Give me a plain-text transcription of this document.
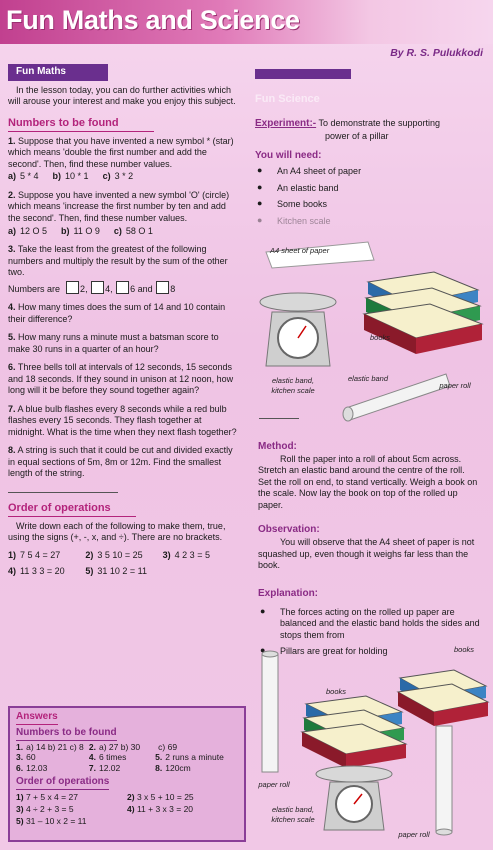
Fun Maths and Science
By R. S. Pulukkodi
Fun Maths

In the lesson today, you can do further activities which will arouse your interest and make you enjoy this subject.

Numbers to be found
1. Suppose that you have invented a new symbol * (star) which means 'double the first number and add the second'. Then, find these number values.
a) 5 * 4 b) 10 * 1 c) 3 * 2
2. Suppose you have invented a new symbol 'O' (circle) which means 'increase the first number by ten and add the second'. Then, find these number values.
a) 12 O 5 b) 11 O 9 c) 58 O 1
3. Take the least from the greatest of the following numbers and multiply the result by the sum of the other two.
Numbers are 2, 4, 6 and 8
4. How many times does the sum of 14 and 10 contain their difference?
5. How many runs a minute must a batsman score to make 30 runs in a quarter of an hour?
6. Three bells toll at intervals of 12 seconds, 15 seconds and 18 seconds. If they sound in unison at 12 noon, how long will it be before they sound together again?
7. A blue bulb flashes every 8 seconds while a red bulb flashes every 15 seconds. They flash together at midnight. What is the time when they next flash together?
8. A string is such that it could be cut and divided exactly in equal sections of 5m, 8m or 12m. Find the smallest length of the string.
Order of operations

Write down each of the following to make them, true, using the signs (+, -, x, and ÷). There are no brackets.

1) 7 5 4 = 27	2) 3 5 10 = 25	3) 4 2 3 = 5
4) 11 3 3 = 20	5) 31 10 2 = 11
Answers
Numbers to be found
1. a) 14 b) 21 c) 8 2. a) 27 b) 30	c) 69
3. 60	4. 6 times	5. 2 runs a minute
6. 12.03	7. 12.02	8. 120cm
Order of operations
1) 7 + 5 x 4 = 27	2) 3 x 5 + 10 = 25
3) 4 ÷ 2 + 3 = 5	4) 11 + 3 x 3 = 20
5) 31 – 10 x 2 = 11
Fun Science
Experiment:- To demonstrate the supporting
power of a pillar
You will need:
● An A4 sheet of paper
● An elastic band
● Some books
● Kitchen scale
A4 sheet of paper
books
elastic band, kitchen scale
elastic band
paper roll
Method:

Roll the paper into a roll of about 5cm across. Stretch an elastic band around the centre of the roll.

Set the roll on end, to stand vertically. Weigh a book on the scale. Now lay the book on top of the rolled up paper.

Observation:

You will observe that the A4 sheet of paper is not squashed up, even though it weighs far less than the book.

Explanation:
● The forces acting on the rolled up paper are balanced and the elastic band holds the sides and stops them from
● Pillars are great for holding
books
books
paper roll
elastic band, kitchen scale
paper roll
